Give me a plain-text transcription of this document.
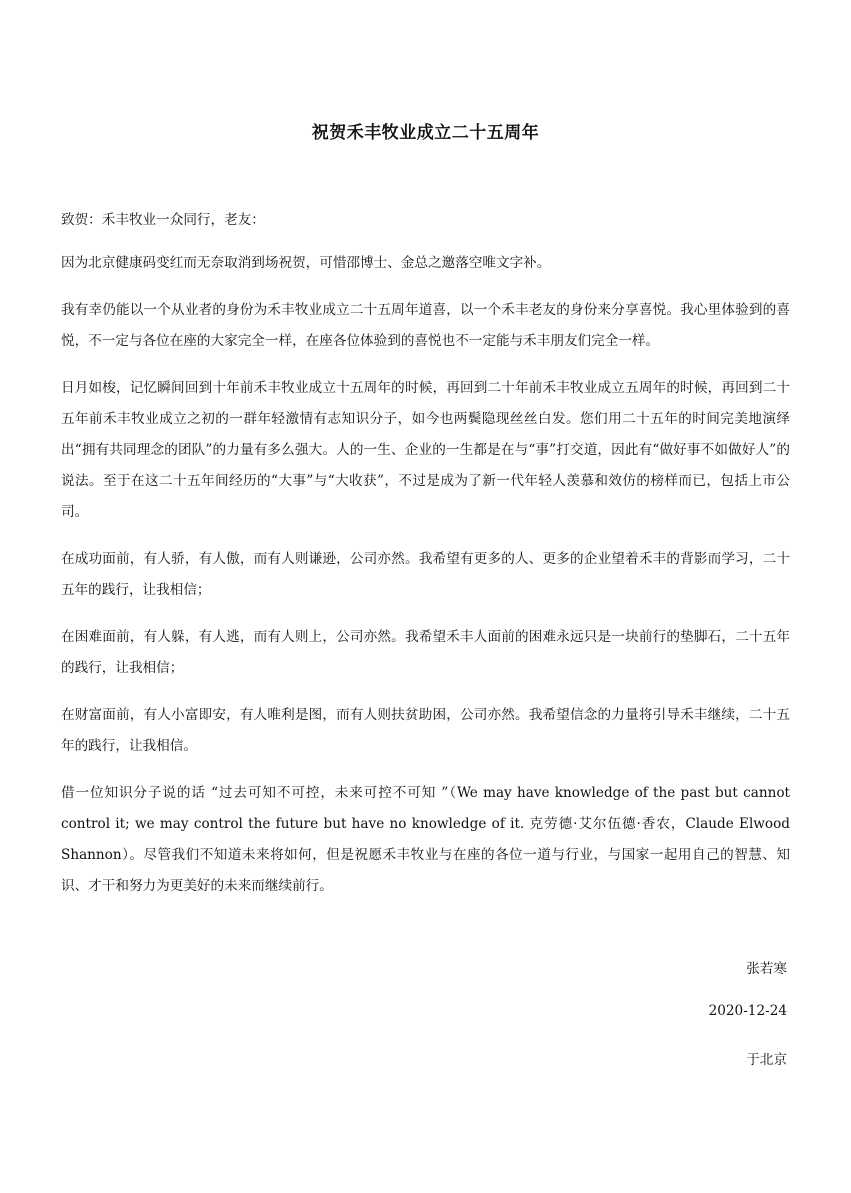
祝贺禾丰牧业成立二十五周年

致贺：禾丰牧业一众同行，老友：

因为北京健康码变红而无奈取消到场祝贺，可惜邵博士、金总之邀落空唯文字补。

我有幸仍能以一个从业者的身份为禾丰牧业成立二十五周年道喜，以一个禾丰老友的身份来分享喜悦。我心里体验到的喜悦，不一定与各位在座的大家完全一样，在座各位体验到的喜悦也不一定能与禾丰朋友们完全一样。

日月如梭，记忆瞬间回到十年前禾丰牧业成立十五周年的时候，再回到二十年前禾丰牧业成立五周年的时候，再回到二十五年前禾丰牧业成立之初的一群年轻激情有志知识分子，如今也两鬓隐现丝丝白发。您们用二十五年的时间完美地演绎出“拥有共同理念的团队”的力量有多么强大。人的一生、企业的一生都是在与“事”打交道，因此有“做好事不如做好人”的说法。至于在这二十五年间经历的“大事”与“大收获”，不过是成为了新一代年轻人羡慕和效仿的榜样而已，包括上市公司。

在成功面前，有人骄，有人傲，而有人则谦逊，公司亦然。我希望有更多的人、更多的企业望着禾丰的背影而学习，二十五年的践行，让我相信；

在困难面前，有人躲，有人逃，而有人则上，公司亦然。我希望禾丰人面前的困难永远只是一块前行的垫脚石，二十五年的践行，让我相信；

在财富面前，有人小富即安，有人唯利是图，而有人则扶贫助困，公司亦然。我希望信念的力量将引导禾丰继续，二十五年的践行，让我相信。

借一位知识分子说的话 “过去可知不可控，未来可控不可知 ”（We may have knowledge of the past but cannot control it; we may control the future but have no knowledge of it. 克劳德·艾尔伍德·香农，Claude Elwood Shannon）。尽管我们不知道未来将如何，但是祝愿禾丰牧业与在座的各位一道与行业，与国家一起用自己的智慧、知识、才干和努力为更美好的未来而继续前行。

张若寒
2020-12-24
于北京
